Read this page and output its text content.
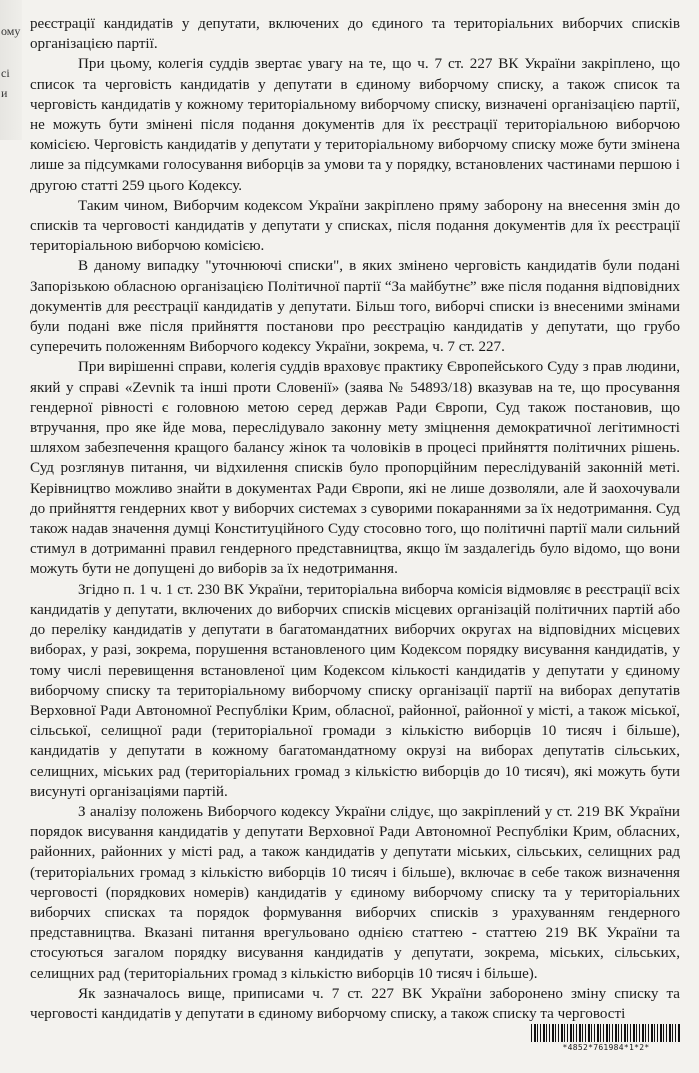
ому
сі
и

реєстрації кандидатів у депутати, включених до єдиного та територіальних виборчих списків організацією партії.

При цьому, колегія суддів звертає увагу на те, що ч. 7 ст. 227 ВК України закріплено, що список та черговість кандидатів у депутати в єдиному виборчому списку, а також список та черговість кандидатів у кожному територіальному виборчому списку, визначені організацією партії, не можуть бути змінені після подання документів для їх реєстрації територіальною виборчою комісією. Черговість кандидатів у депутати у територіальному виборчому списку може бути змінена лише за підсумками голосування виборців за умови та у порядку, встановлених частинами першою і другою статті 259 цього Кодексу.

Таким чином, Виборчим кодексом України закріплено пряму заборону на внесення змін до списків та черговості кандидатів у депутати у списках, після подання документів для їх реєстрації територіальною виборчою комісією.

В даному випадку "уточнюючі списки", в яких змінено черговість кандидатів були подані Запорізькою обласною організацією Політичної партії “За майбутнє” вже після подання відповідних документів для реєстрації кандидатів у депутати. Більш того, виборчі списки із внесеними змінами були подані вже після прийняття постанови про реєстрацію кандидатів у депутати, що грубо суперечить положенням Виборчого кодексу України, зокрема, ч. 7 ст. 227.

При вирішенні справи, колегія суддів враховує практику Європейського Суду з прав людини, який у справі «Zevnik та інші проти Словенії» (заява № 54893/18) вказував на те, що просування гендерної рівності є головною метою серед держав Ради Європи, Суд також постановив, що втручання, про яке йде мова, переслідувало законну мету зміцнення демократичної легітимності шляхом забезпечення кращого балансу жінок та чоловіків в процесі прийняття політичних рішень. Суд розглянув питання, чи відхилення списків було пропорційним переслідуваній законній меті. Керівництво можливо знайти в документах Ради Європи, які не лише дозволяли, але й заохочували до прийняття гендерних квот у виборчих системах з суворими покараннями за їх недотримання. Суд також надав значення думці Конституційного Суду стосовно того, що політичні партії мали сильний стимул в дотриманні правил гендерного представництва, якщо їм заздалегідь було відомо, що вони можуть бути не допущені до виборів за їх недотримання.

Згідно п. 1 ч. 1 ст. 230 ВК України, територіальна виборча комісія відмовляє в реєстрації всіх кандидатів у депутати, включених до виборчих списків місцевих організацій політичних партій або до переліку кандидатів у депутати в багатомандатних виборчих округах на відповідних місцевих виборах, у разі, зокрема, порушення встановленого цим Кодексом порядку висування кандидатів, у тому числі перевищення встановленої цим Кодексом кількості кандидатів у депутати у єдиному виборчому списку та територіальному виборчому списку організації партії на виборах депутатів Верховної Ради Автономної Республіки Крим, обласної, районної, районної у місті, а також міської, сільської, селищної ради (територіальної громади з кількістю виборців 10 тисяч і більше), кандидатів у депутати в кожному багатомандатному окрузі на виборах депутатів сільських, селищних, міських рад (територіальних громад з кількістю виборців до 10 тисяч), які можуть бути висунуті організаціями партій.

З аналізу положень Виборчого кодексу України слідує, що закріплений у ст. 219 ВК України порядок висування кандидатів у депутати Верховної Ради Автономної Республіки Крим, обласних, районних, районних у місті рад, а також кандидатів у депутати міських, сільських, селищних рад (територіальних громад з кількістю виборців 10 тисяч і більше), включає в себе також визначення черговості (порядкових номерів) кандидатів у єдиному виборчому списку та у територіальних виборчих списках та порядок формування виборчих списків з урахуванням гендерного представництва. Вказані питання врегульовано однією статтею - статтею 219 ВК України та стосуються загалом порядку висування кандидатів у депутати, зокрема, міських, сільських, селищних рад (територіальних громад з кількістю виборців 10 тисяч і більше).

Як зазначалось вище, приписами ч. 7 ст. 227 ВК України заборонено зміну списку та черговості кандидатів у депутати в єдиному виборчому списку, а також списку та черговості

*4852*761984*1*2*
